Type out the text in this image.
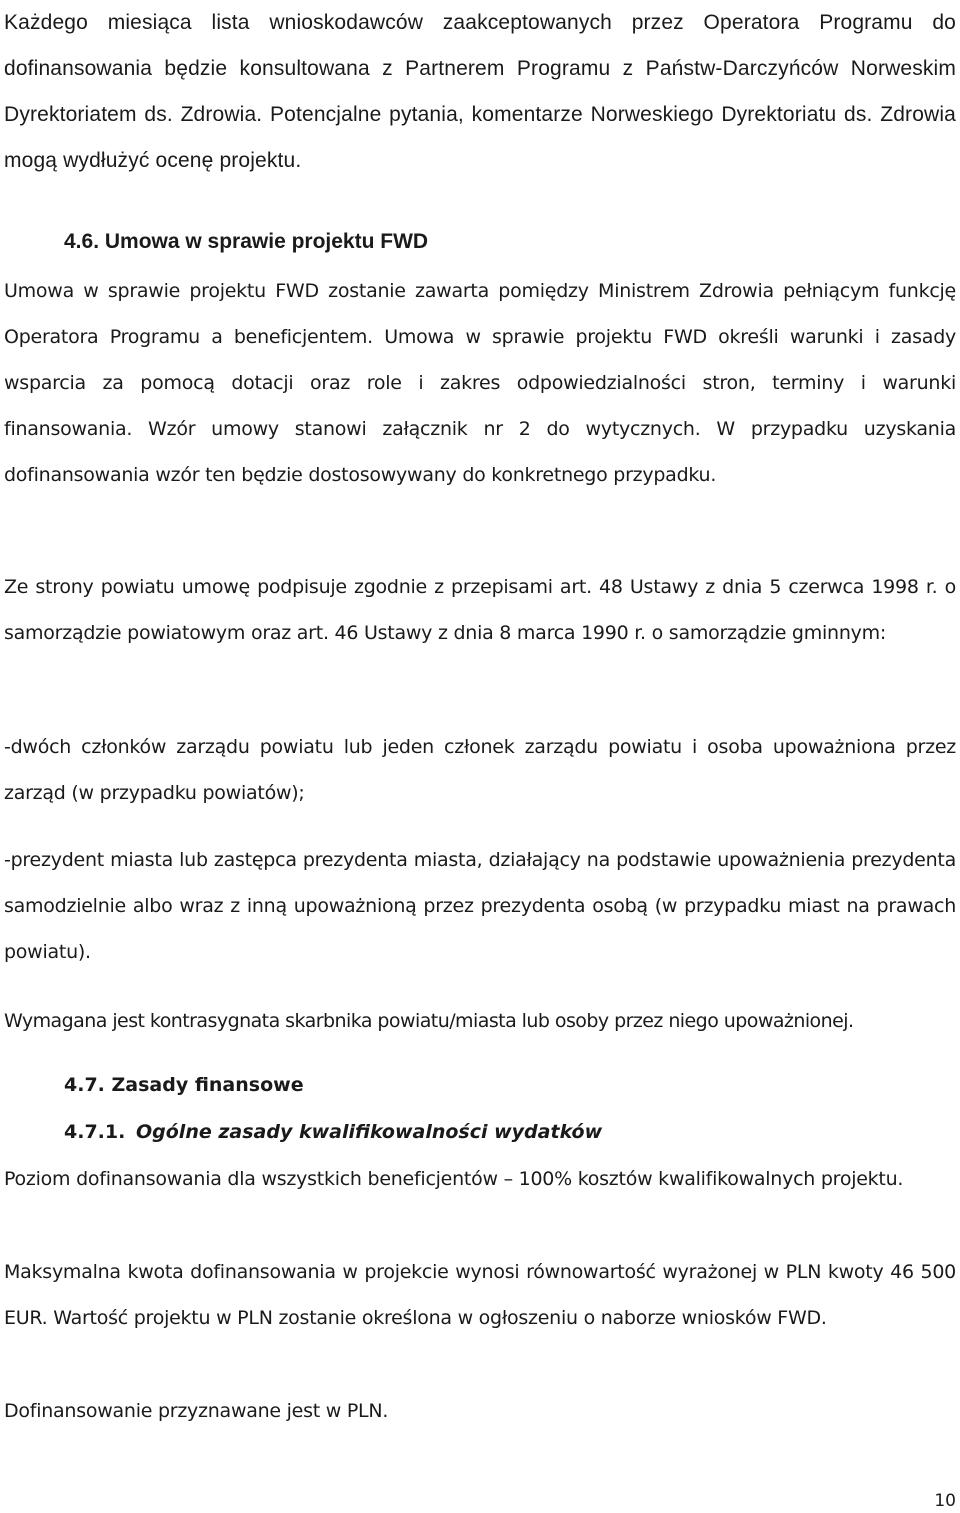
Każdego miesiąca lista wnioskodawców zaakceptowanych przez Operatora Programu do dofinansowania będzie konsultowana z Partnerem Programu z Państw-Darczyńców Norweskim Dyrektoriatem ds. Zdrowia. Potencjalne pytania, komentarze Norweskiego Dyrektoriatu ds. Zdrowia mogą wydłużyć ocenę projektu.

4.6. Umowa w sprawie projektu FWD

Umowa w sprawie projektu FWD zostanie zawarta pomiędzy Ministrem Zdrowia pełniącym funkcję Operatora Programu a beneficjentem. Umowa w sprawie projektu FWD określi warunki i zasady wsparcia za pomocą dotacji oraz role i zakres odpowiedzialności stron, terminy i warunki finansowania. Wzór umowy stanowi załącznik nr 2 do wytycznych. W przypadku uzyskania dofinansowania wzór ten będzie dostosowywany do konkretnego przypadku.

Ze strony powiatu umowę podpisuje zgodnie z przepisami art. 48 Ustawy z dnia 5 czerwca 1998 r. o samorządzie powiatowym oraz art. 46 Ustawy z dnia 8 marca 1990 r. o samorządzie gminnym:

-dwóch członków zarządu powiatu lub jeden członek zarządu powiatu i osoba upoważniona przez zarząd (w przypadku powiatów);

-prezydent miasta lub zastępca prezydenta miasta, działający na podstawie upoważnienia prezydenta samodzielnie albo wraz z inną upoważnioną przez prezydenta osobą (w przypadku miast na prawach powiatu).

Wymagana jest kontrasygnata skarbnika powiatu/miasta lub osoby przez niego upoważnionej.

4.7. Zasady finansowe
4.7.1. Ogólne zasady kwalifikowalności wydatków

Poziom dofinansowania dla wszystkich beneficjentów – 100% kosztów kwalifikowalnych projektu.

Maksymalna kwota dofinansowania w projekcie wynosi równowartość wyrażonej w PLN kwoty 46 500 EUR. Wartość projektu w PLN zostanie określona w ogłoszeniu o naborze wniosków FWD.

Dofinansowanie przyznawane jest w PLN.

10
